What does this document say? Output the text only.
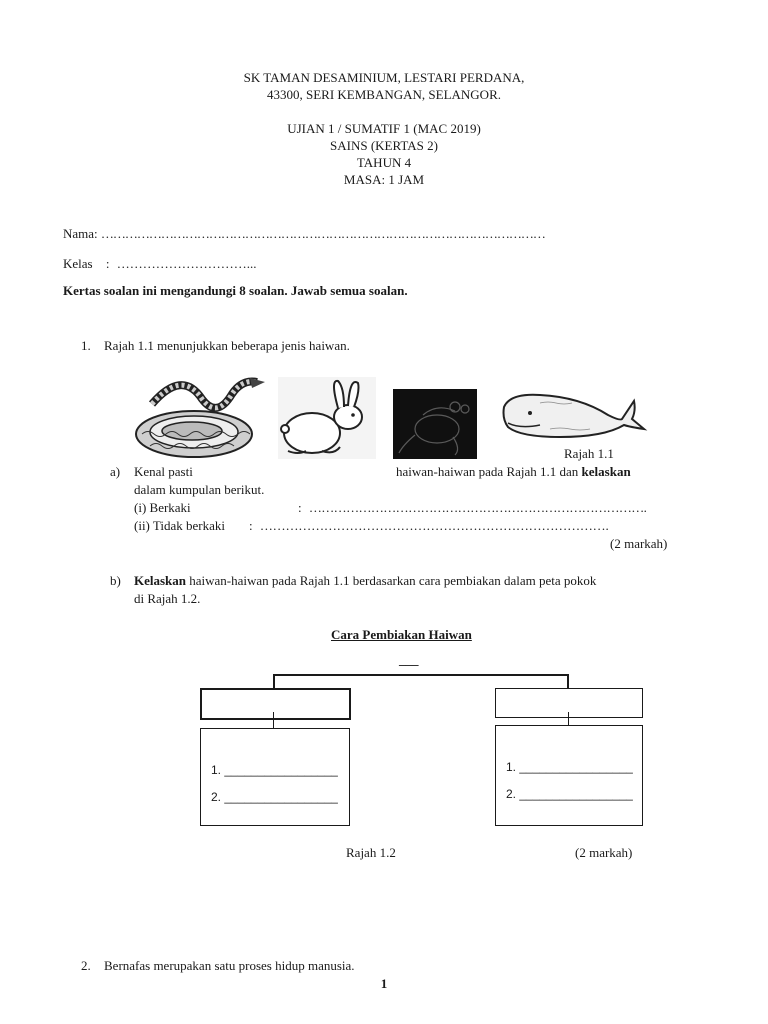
SK TAMAN DESAMINIUM, LESTARI PERDANA,
43300, SERI KEMBANGAN, SELANGOR.
UJIAN 1 / SUMATIF 1 (MAC 2019)
SAINS (KERTAS 2)
TAHUN 4
MASA: 1 JAM
Nama: …………………………………………………………………………………………………
Kelas : …………………………...
Kertas soalan ini mengandungi 8 soalan. Jawab semua soalan.
1. Rajah 1.1 menunjukkan beberapa jenis haiwan.
Rajah 1.1
a) Kenal pasti	haiwan-haiwan pada Rajah 1.1 dan kelaskan
dalam kumpulan berikut.
(i) Berkaki	: ……………………………………………………………………….
(ii) Tidak berkaki : ……………………………………………………………………….
(2 markah)
b) Kelaskan haiwan-haiwan pada Rajah 1.1 berdasarkan cara pembiakan dalam peta pokok
di Rajah 1.2.
Cara Pembiakan Haiwan
___
1. _________________
2. _________________
1. _________________
2. _________________
Rajah 1.2	(2 markah)
2. Bernafas merupakan satu proses hidup manusia.
1
